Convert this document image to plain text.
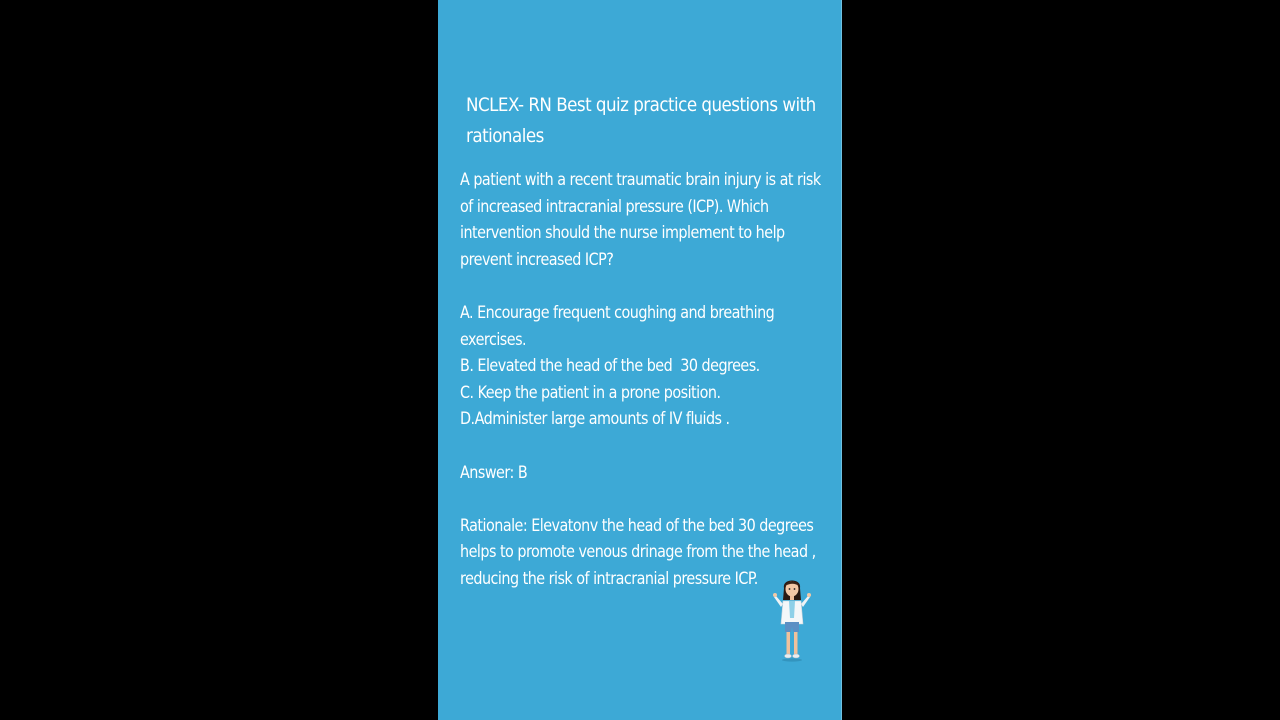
NCLEX- RN Best quiz practice questions with
rationales
A patient with a recent traumatic brain injury is at risk
of increased intracranial pressure (ICP). Which
intervention should the nurse implement to help
prevent increased ICP?
A. Encourage frequent coughing and breathing
exercises.
B. Elevated the head of the bed  30 degrees.
C. Keep the patient in a prone position.
D.Administer large amounts of IV fluids .
Answer: B
Rationale: Elevatonv the head of the bed 30 degrees
helps to promote venous drinage from the the head ,
reducing the risk of intracranial pressure ICP.
